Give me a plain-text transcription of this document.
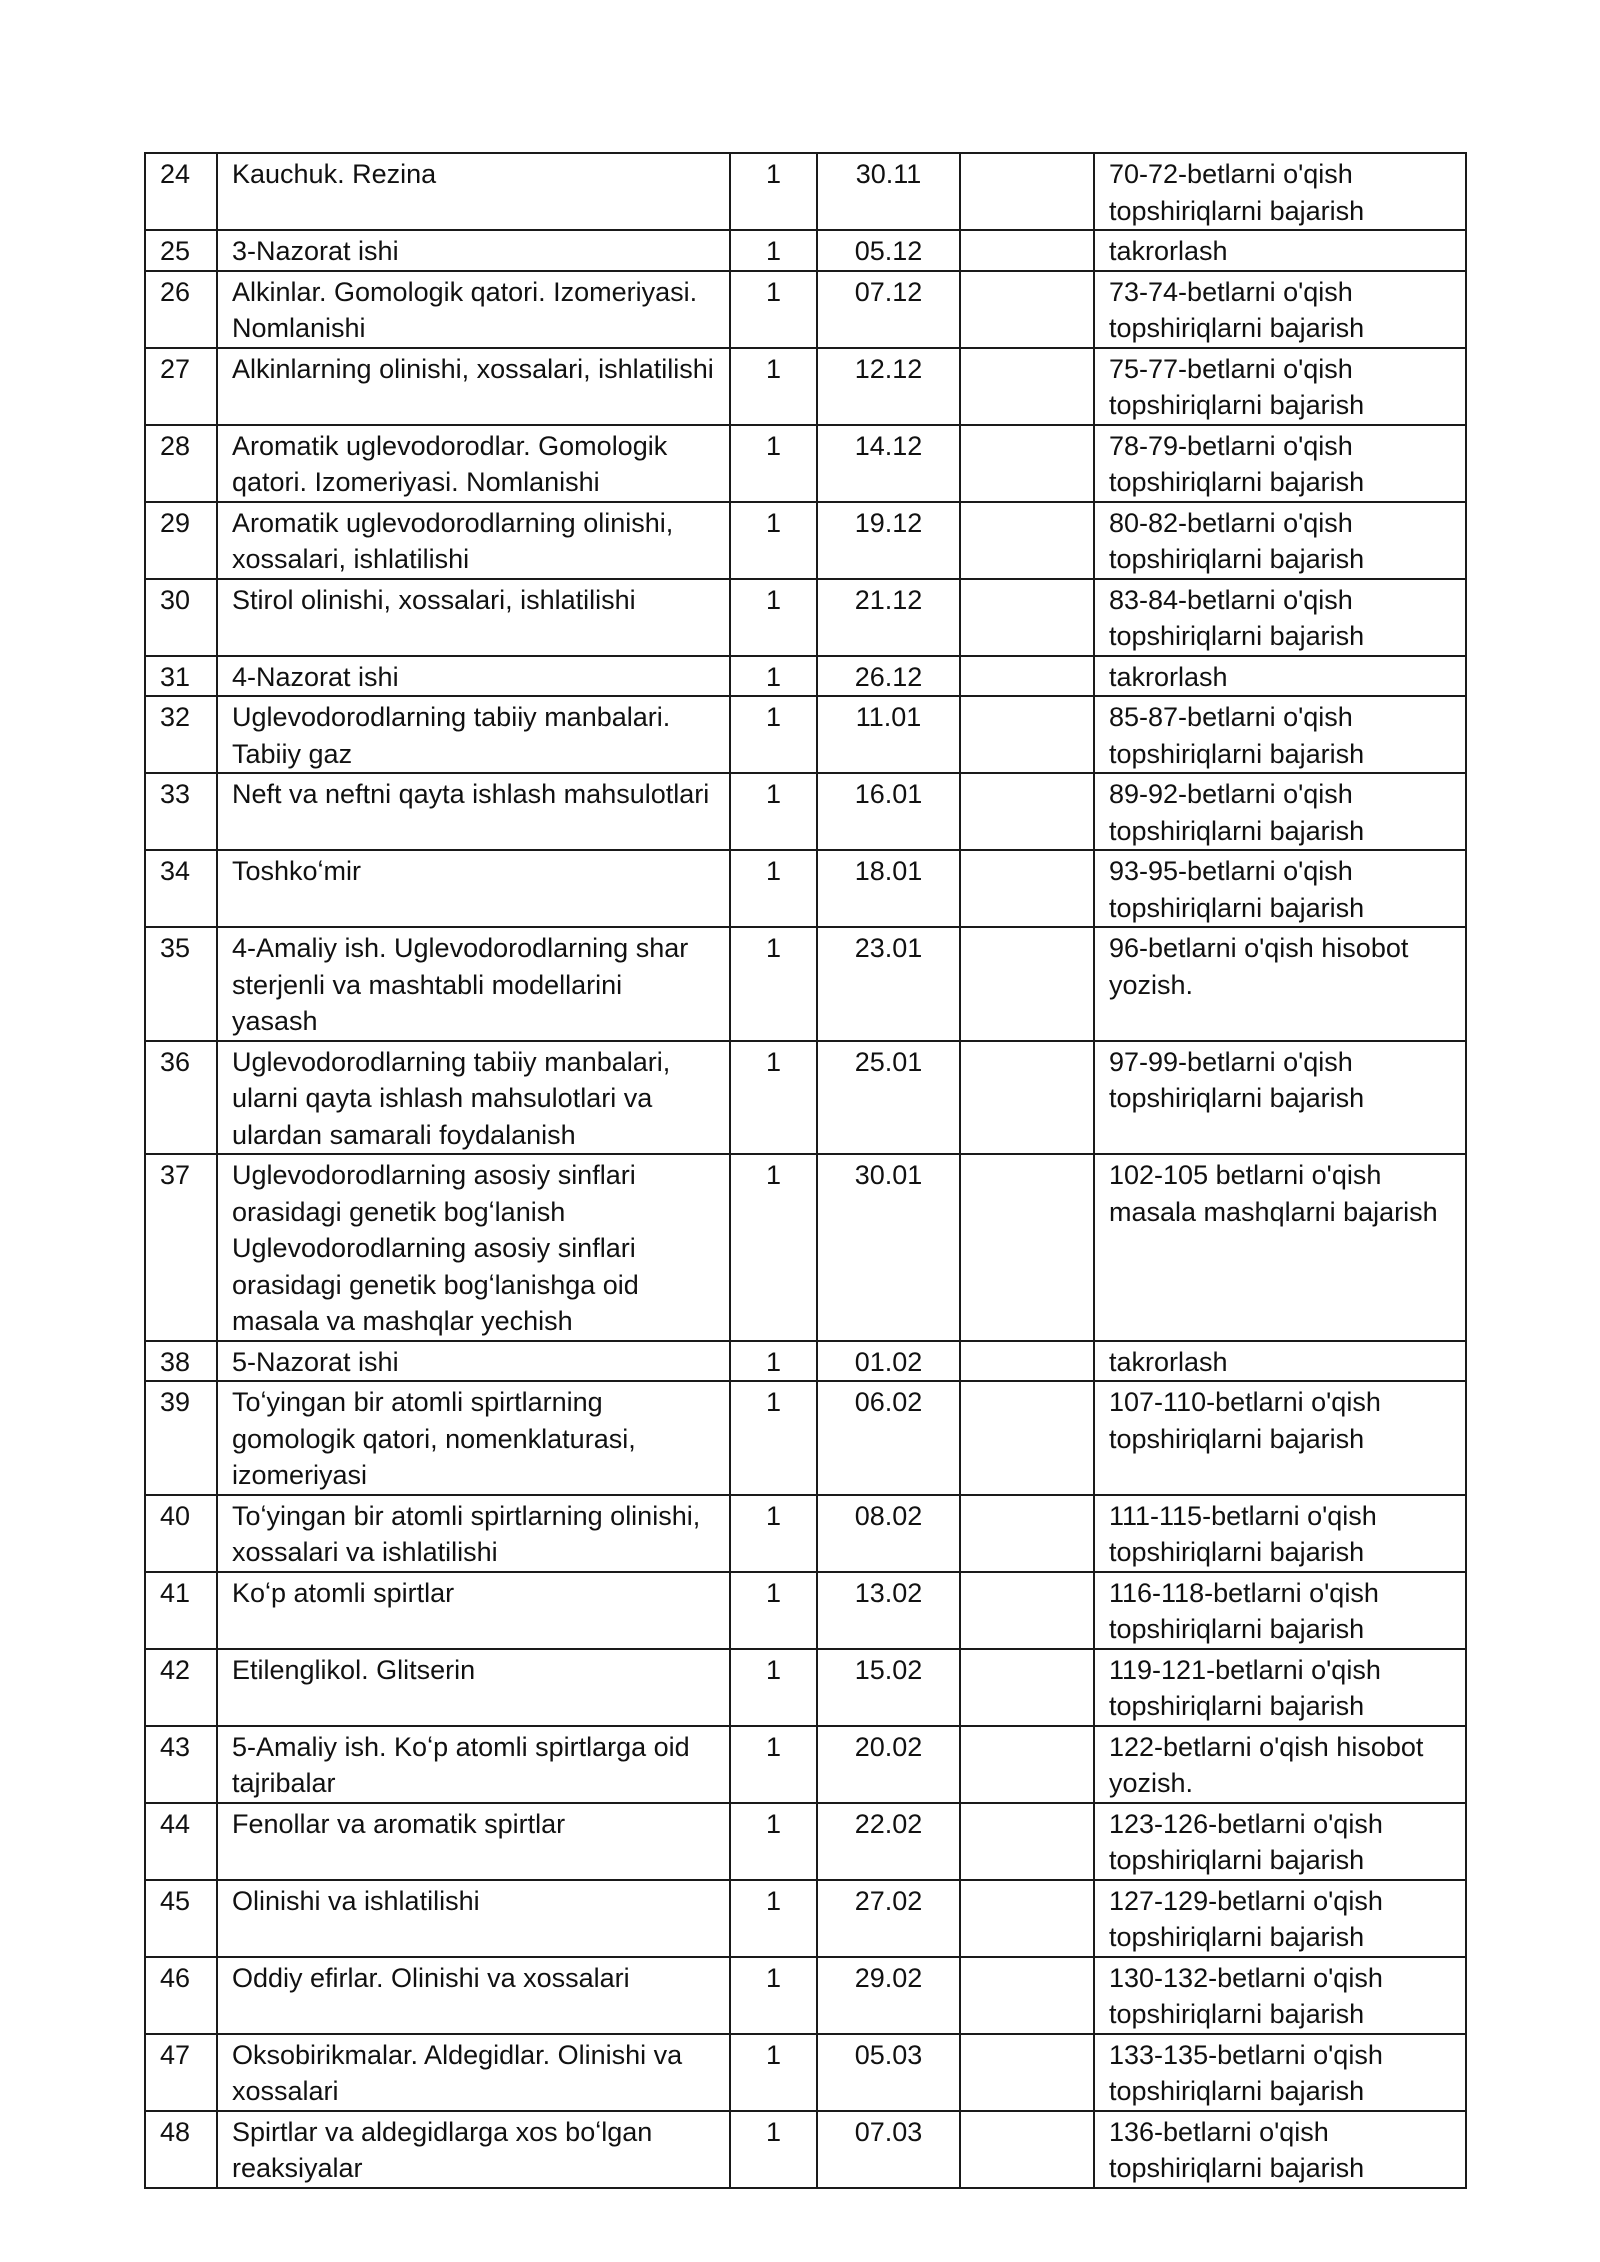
24	Kauchuk. Rezina	1	30.11		70-72-betlarni o'qish topshiriqlarni bajarish
25	3-Nazorat ishi	1	05.12		takrorlash
26	Alkinlar. Gomologik qatori. Izomeriyasi. Nomlanishi	1	07.12		73-74-betlarni o'qish topshiriqlarni bajarish
27	Alkinlarning olinishi, xossalari, ishlatilishi	1	12.12		75-77-betlarni o'qish topshiriqlarni bajarish
28	Aromatik uglevodorodlar. Gomologik qatori. Izomeriyasi. Nomlanishi	1	14.12		78-79-betlarni o'qish topshiriqlarni bajarish
29	Aromatik uglevodorodlarning olinishi, xossalari, ishlatilishi	1	19.12		80-82-betlarni o'qish topshiriqlarni bajarish
30	Stirol olinishi, xossalari, ishlatilishi	1	21.12		83-84-betlarni o'qish topshiriqlarni bajarish
31	4-Nazorat ishi	1	26.12		takrorlash
32	Uglevodorodlarning tabiiy manbalari. Tabiiy gaz	1	11.01		85-87-betlarni o'qish topshiriqlarni bajarish
33	Neft va neftni qayta ishlash mahsulotlari	1	16.01		89-92-betlarni o'qish topshiriqlarni bajarish
34	Toshkoʻmir	1	18.01		93-95-betlarni o'qish topshiriqlarni bajarish
35	4-Amaliy ish. Uglevodorodlarning shar sterjenli va mashtabli modellarini yasash	1	23.01		96-betlarni o'qish hisobot yozish.
36	Uglevodorodlarning tabiiy manbalari, ularni qayta ishlash mahsulotlari va ulardan samarali foydalanish	1	25.01		97-99-betlarni o'qish topshiriqlarni bajarish
37	Uglevodorodlarning asosiy sinflari orasidagi genetik bogʻlanish Uglevodorodlarning asosiy sinflari orasidagi genetik bogʻlanishga oid masala va mashqlar yechish	1	30.01		102-105 betlarni o'qish masala mashqlarni bajarish
38	5-Nazorat ishi	1	01.02		takrorlash
39	Toʻyingan bir atomli spirtlarning gomologik qatori, nomenklaturasi, izomeriyasi	1	06.02		107-110-betlarni o'qish topshiriqlarni bajarish
40	Toʻyingan bir atomli spirtlarning olinishi, xossalari va ishlatilishi	1	08.02		111-115-betlarni o'qish topshiriqlarni bajarish
41	Koʻp atomli spirtlar	1	13.02		116-118-betlarni o'qish topshiriqlarni bajarish
42	Etilenglikol. Glitserin	1	15.02		119-121-betlarni o'qish topshiriqlarni bajarish
43	5-Amaliy ish. Koʻp atomli spirtlarga oid tajribalar	1	20.02		122-betlarni o'qish hisobot yozish.
44	Fenollar va aromatik spirtlar	1	22.02		123-126-betlarni o'qish topshiriqlarni bajarish
45	Olinishi va ishlatilishi	1	27.02		127-129-betlarni o'qish topshiriqlarni bajarish
46	Oddiy efirlar. Olinishi va xossalari	1	29.02		130-132-betlarni o'qish topshiriqlarni bajarish
47	Oksobirikmalar. Aldegidlar. Olinishi va xossalari	1	05.03		133-135-betlarni o'qish topshiriqlarni bajarish
48	Spirtlar va aldegidlarga xos boʻlgan reaksiyalar	1	07.03		136-betlarni o'qish topshiriqlarni bajarish
